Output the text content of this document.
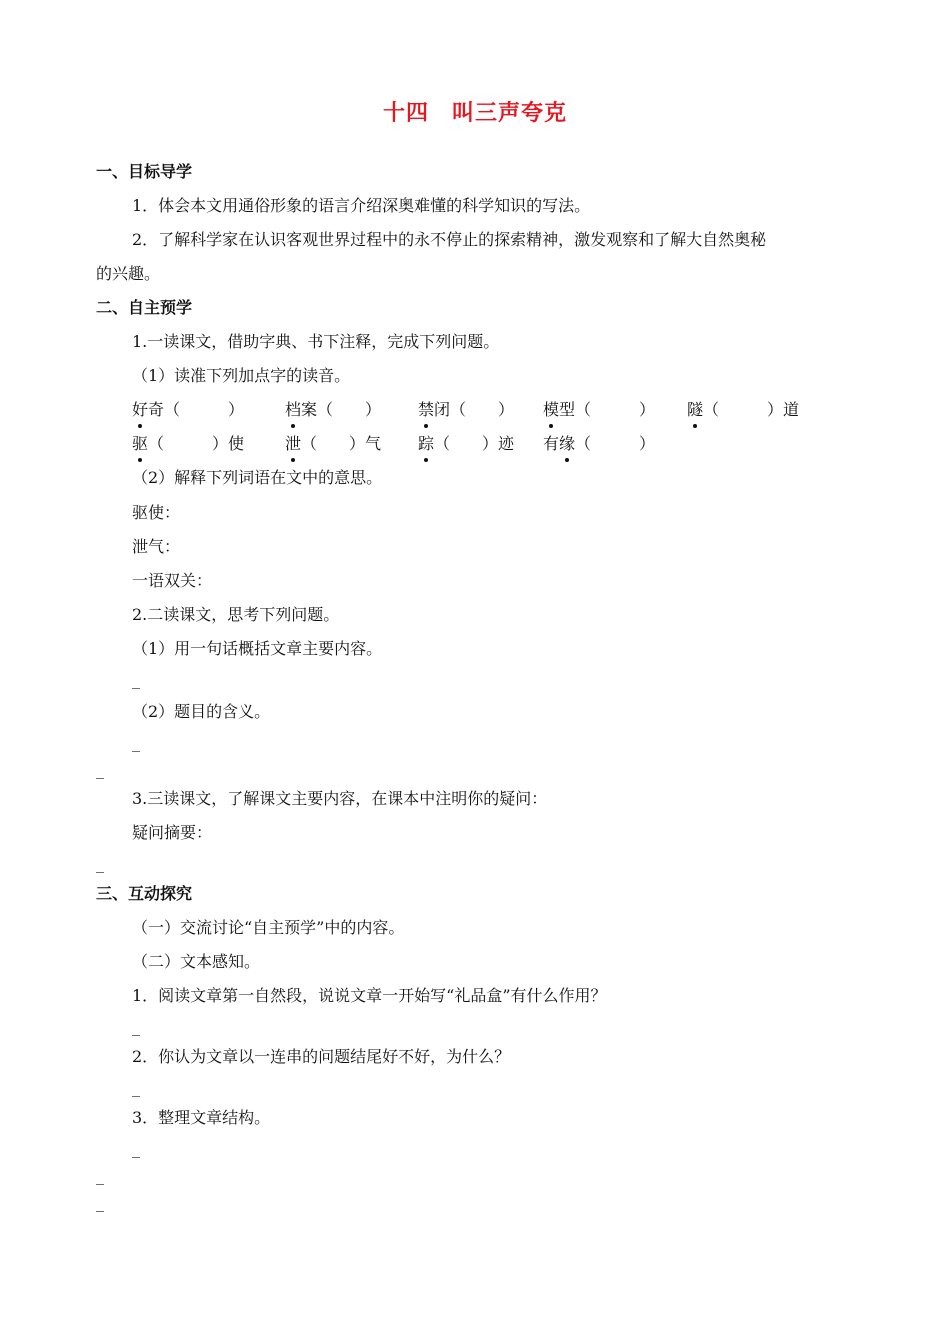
十四　叫三声夸克
一、目标导学
1．体会本文用通俗形象的语言介绍深奥难懂的科学知识的写法。
2．了解科学家在认识客观世界过程中的永不停止的探索精神，激发观察和了解大自然奥秘
的兴趣。
二、自主预学
1.一读课文，借助字典、书下注释，完成下列问题。
（1）读准下列加点字的读音。
好奇（　　　）	档案（　　） 禁闭（　　） 模型（　　　） 隧（　　　）道
驱（　　　）使	泄（　　）气 踪（　　）迹 有缘（　　　）
（2）解释下列词语在文中的意思。
驱使：
泄气：
一语双关：
2.二读课文，思考下列问题。
（1）用一句话概括文章主要内容。
_
（2）题目的含义。
_
_
3.三读课文，了解课文主要内容，在课本中注明你的疑问：
疑问摘要：
_
三、互动探究
（一）交流讨论“自主预学”中的内容。
（二）文本感知。
1．阅读文章第一自然段，说说文章一开始写“礼品盒”有什么作用？
_
2．你认为文章以一连串的问题结尾好不好，为什么？
_
3．整理文章结构。
_
_
_
